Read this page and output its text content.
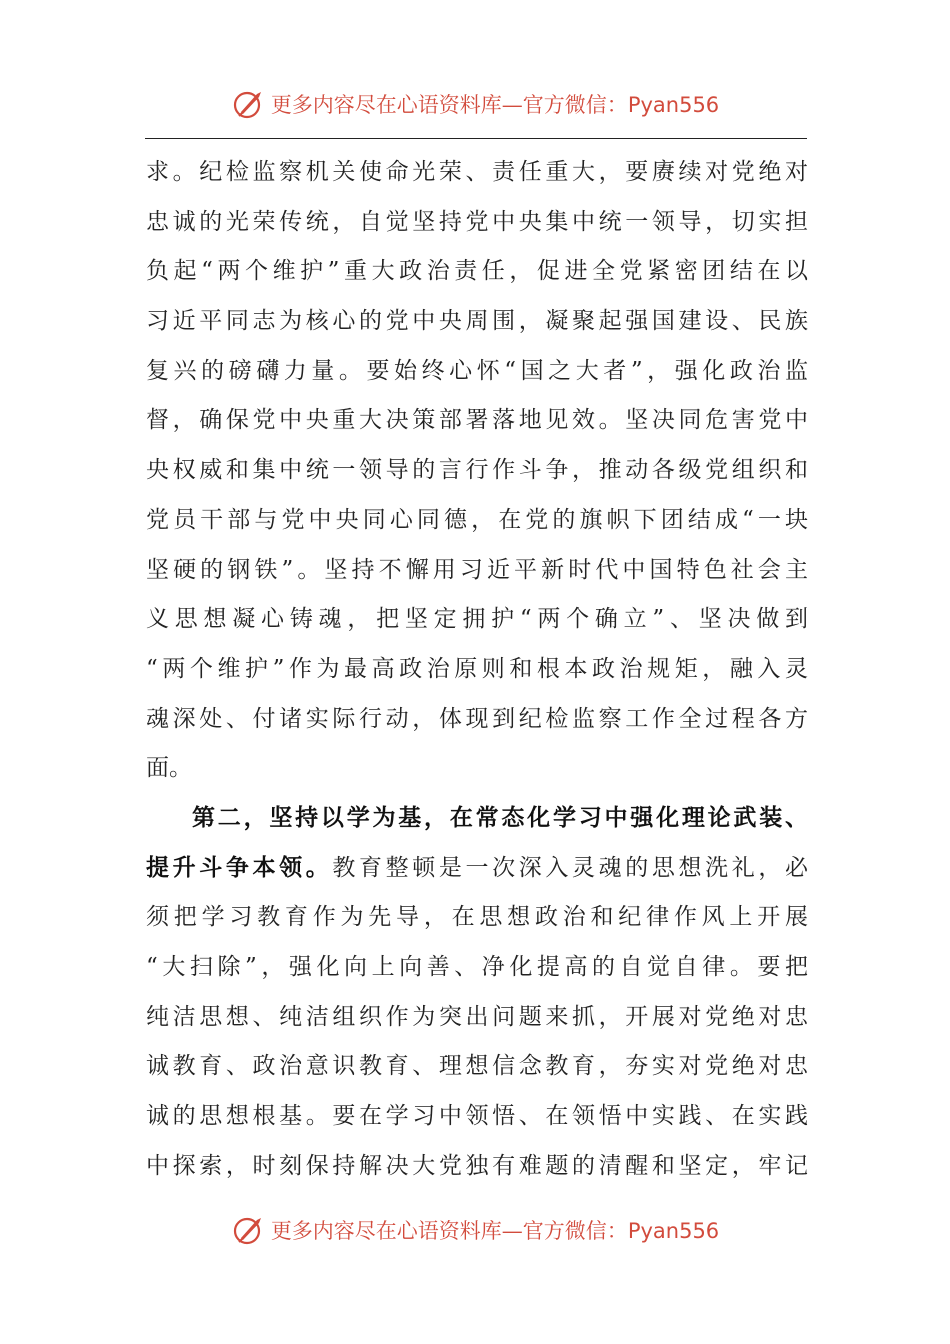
更多内容尽在心语资料库—官方微信：Pyan556
求。纪检监察机关使命光荣、责任重大，要赓续对党绝对
忠诚的光荣传统，自觉坚持党中央集中统一领导，切实担
负起“两个维护”重大政治责任，促进全党紧密团结在以
习近平同志为核心的党中央周围，凝聚起强国建设、民族
复兴的磅礴力量。要始终心怀“国之大者”，强化政治监
督，确保党中央重大决策部署落地见效。坚决同危害党中
央权威和集中统一领导的言行作斗争，推动各级党组织和
党员干部与党中央同心同德，在党的旗帜下团结成“一块
坚硬的钢铁”。坚持不懈用习近平新时代中国特色社会主
义思想凝心铸魂，把坚定拥护“两个确立”、坚决做到
“两个维护”作为最高政治原则和根本政治规矩，融入灵
魂深处、付诸实际行动，体现到纪检监察工作全过程各方
面。
第二，坚持以学为基，在常态化学习中强化理论武装、
提升斗争本领。教育整顿是一次深入灵魂的思想洗礼，必
须把学习教育作为先导，在思想政治和纪律作风上开展
“大扫除”，强化向上向善、净化提高的自觉自律。要把
纯洁思想、纯洁组织作为突出问题来抓，开展对党绝对忠
诚教育、政治意识教育、理想信念教育，夯实对党绝对忠
诚的思想根基。要在学习中领悟、在领悟中实践、在实践
中探索，时刻保持解决大党独有难题的清醒和坚定，牢记
更多内容尽在心语资料库—官方微信：Pyan556
